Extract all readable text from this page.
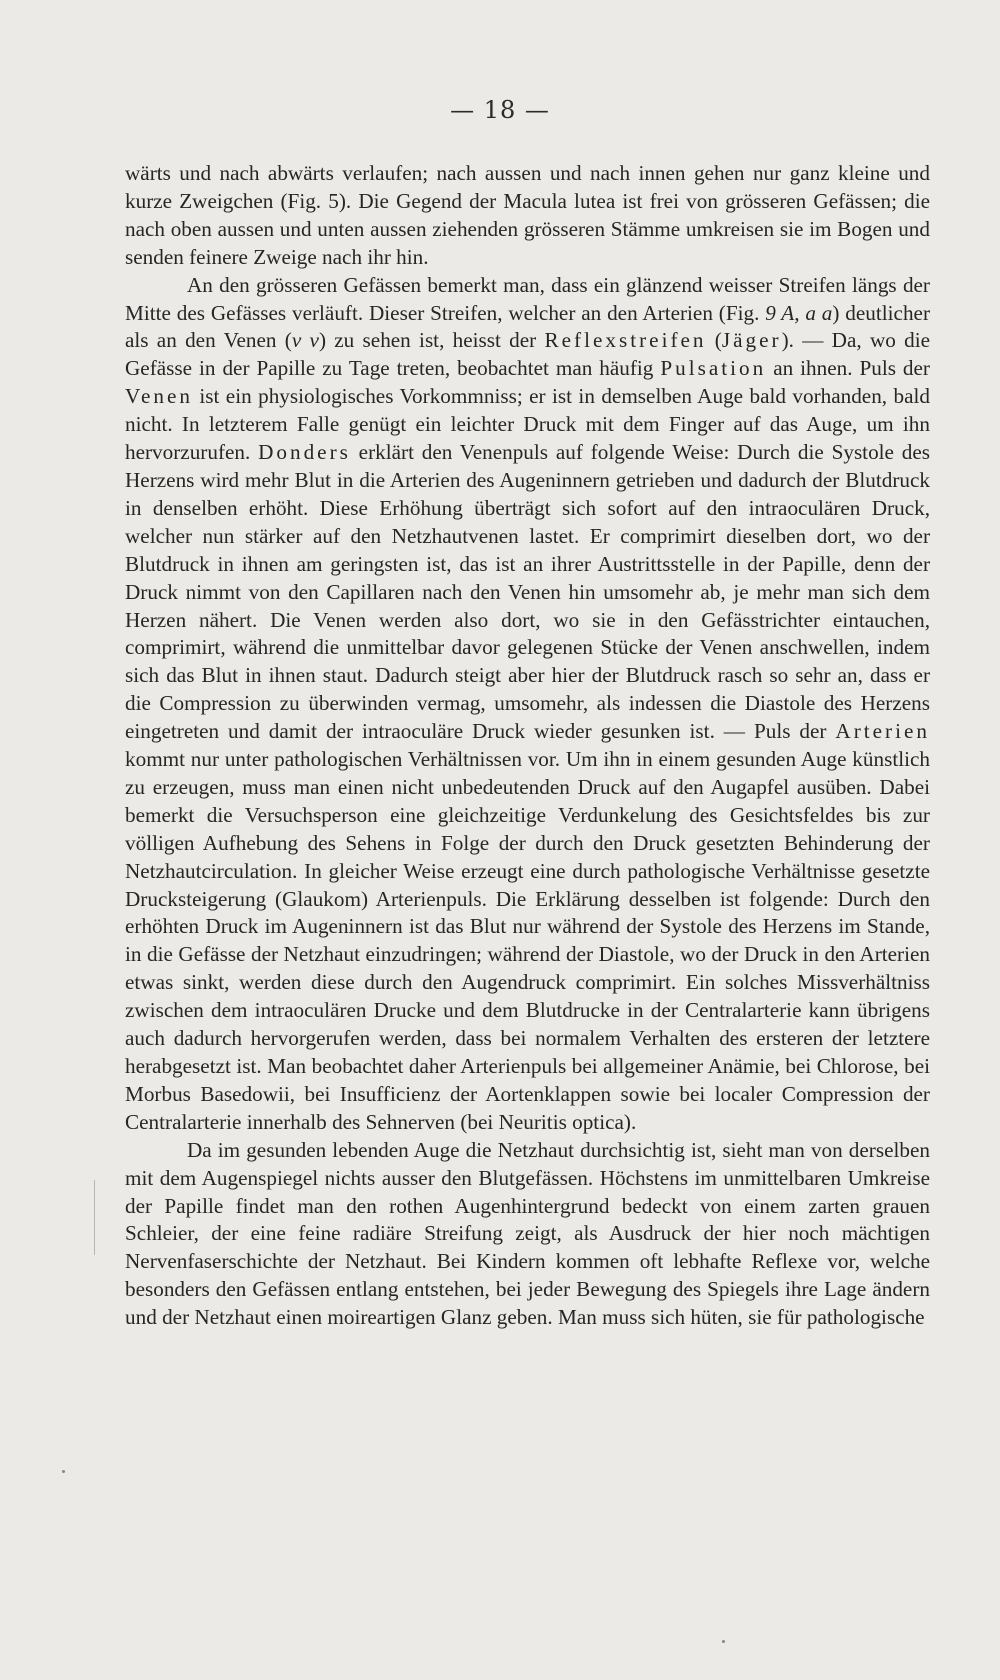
— 18 —

wärts und nach abwärts verlaufen; nach aussen und nach innen gehen nur ganz kleine und kurze Zweigchen (Fig. 5). Die Gegend der Macula lutea ist frei von grösseren Gefässen; die nach oben aussen und unten aussen ziehenden grösseren Stämme umkreisen sie im Bogen und senden feinere Zweige nach ihr hin.

An den grösseren Gefässen bemerkt man, dass ein glänzend weisser Streifen längs der Mitte des Gefässes verläuft. Dieser Streifen, welcher an den Arterien (Fig. 9 A, a a) deutlicher als an den Venen (v v) zu sehen ist, heisst der Reflexstreifen (Jäger). — Da, wo die Gefässe in der Papille zu Tage treten, beobachtet man häufig Pulsation an ihnen. Puls der Venen ist ein physiologisches Vorkommniss; er ist in demselben Auge bald vorhanden, bald nicht. In letzterem Falle genügt ein leichter Druck mit dem Finger auf das Auge, um ihn hervorzurufen. Donders erklärt den Venenpuls auf folgende Weise: Durch die Systole des Herzens wird mehr Blut in die Arterien des Augeninnern getrieben und dadurch der Blutdruck in denselben erhöht. Diese Erhöhung überträgt sich sofort auf den intraoculären Druck, welcher nun stärker auf den Netzhautvenen lastet. Er comprimirt dieselben dort, wo der Blutdruck in ihnen am geringsten ist, das ist an ihrer Austrittsstelle in der Papille, denn der Druck nimmt von den Capillaren nach den Venen hin umsomehr ab, je mehr man sich dem Herzen nähert. Die Venen werden also dort, wo sie in den Gefässtrichter eintauchen, comprimirt, während die unmittelbar davor gelegenen Stücke der Venen anschwellen, indem sich das Blut in ihnen staut. Dadurch steigt aber hier der Blutdruck rasch so sehr an, dass er die Compression zu überwinden vermag, umsomehr, als indessen die Diastole des Herzens eingetreten und damit der intraoculäre Druck wieder gesunken ist. — Puls der Arterien kommt nur unter pathologischen Verhältnissen vor. Um ihn in einem gesunden Auge künstlich zu erzeugen, muss man einen nicht unbedeutenden Druck auf den Augapfel ausüben. Dabei bemerkt die Versuchsperson eine gleichzeitige Verdunkelung des Gesichtsfeldes bis zur völligen Aufhebung des Sehens in Folge der durch den Druck gesetzten Behinderung der Netzhautcirculation. In gleicher Weise erzeugt eine durch pathologische Verhältnisse gesetzte Drucksteigerung (Glaukom) Arterienpuls. Die Erklärung desselben ist folgende: Durch den erhöhten Druck im Augeninnern ist das Blut nur während der Systole des Herzens im Stande, in die Gefässe der Netzhaut einzudringen; während der Diastole, wo der Druck in den Arterien etwas sinkt, werden diese durch den Augendruck comprimirt. Ein solches Missverhältniss zwischen dem intraoculären Drucke und dem Blutdrucke in der Centralarterie kann übrigens auch dadurch hervorgerufen werden, dass bei normalem Verhalten des ersteren der letztere herabgesetzt ist. Man beobachtet daher Arterienpuls bei allgemeiner Anämie, bei Chlorose, bei Morbus Basedowii, bei Insufficienz der Aortenklappen sowie bei localer Compression der Centralarterie innerhalb des Sehnerven (bei Neuritis optica).

Da im gesunden lebenden Auge die Netzhaut durchsichtig ist, sieht man von derselben mit dem Augenspiegel nichts ausser den Blutgefässen. Höchstens im unmittelbaren Umkreise der Papille findet man den rothen Augenhintergrund bedeckt von einem zarten grauen Schleier, der eine feine radiäre Streifung zeigt, als Ausdruck der hier noch mächtigen Nervenfaserschichte der Netzhaut. Bei Kindern kommen oft lebhafte Reflexe vor, welche besonders den Gefässen entlang entstehen, bei jeder Bewegung des Spiegels ihre Lage ändern und der Netzhaut einen moireartigen Glanz geben. Man muss sich hüten, sie für pathologische
